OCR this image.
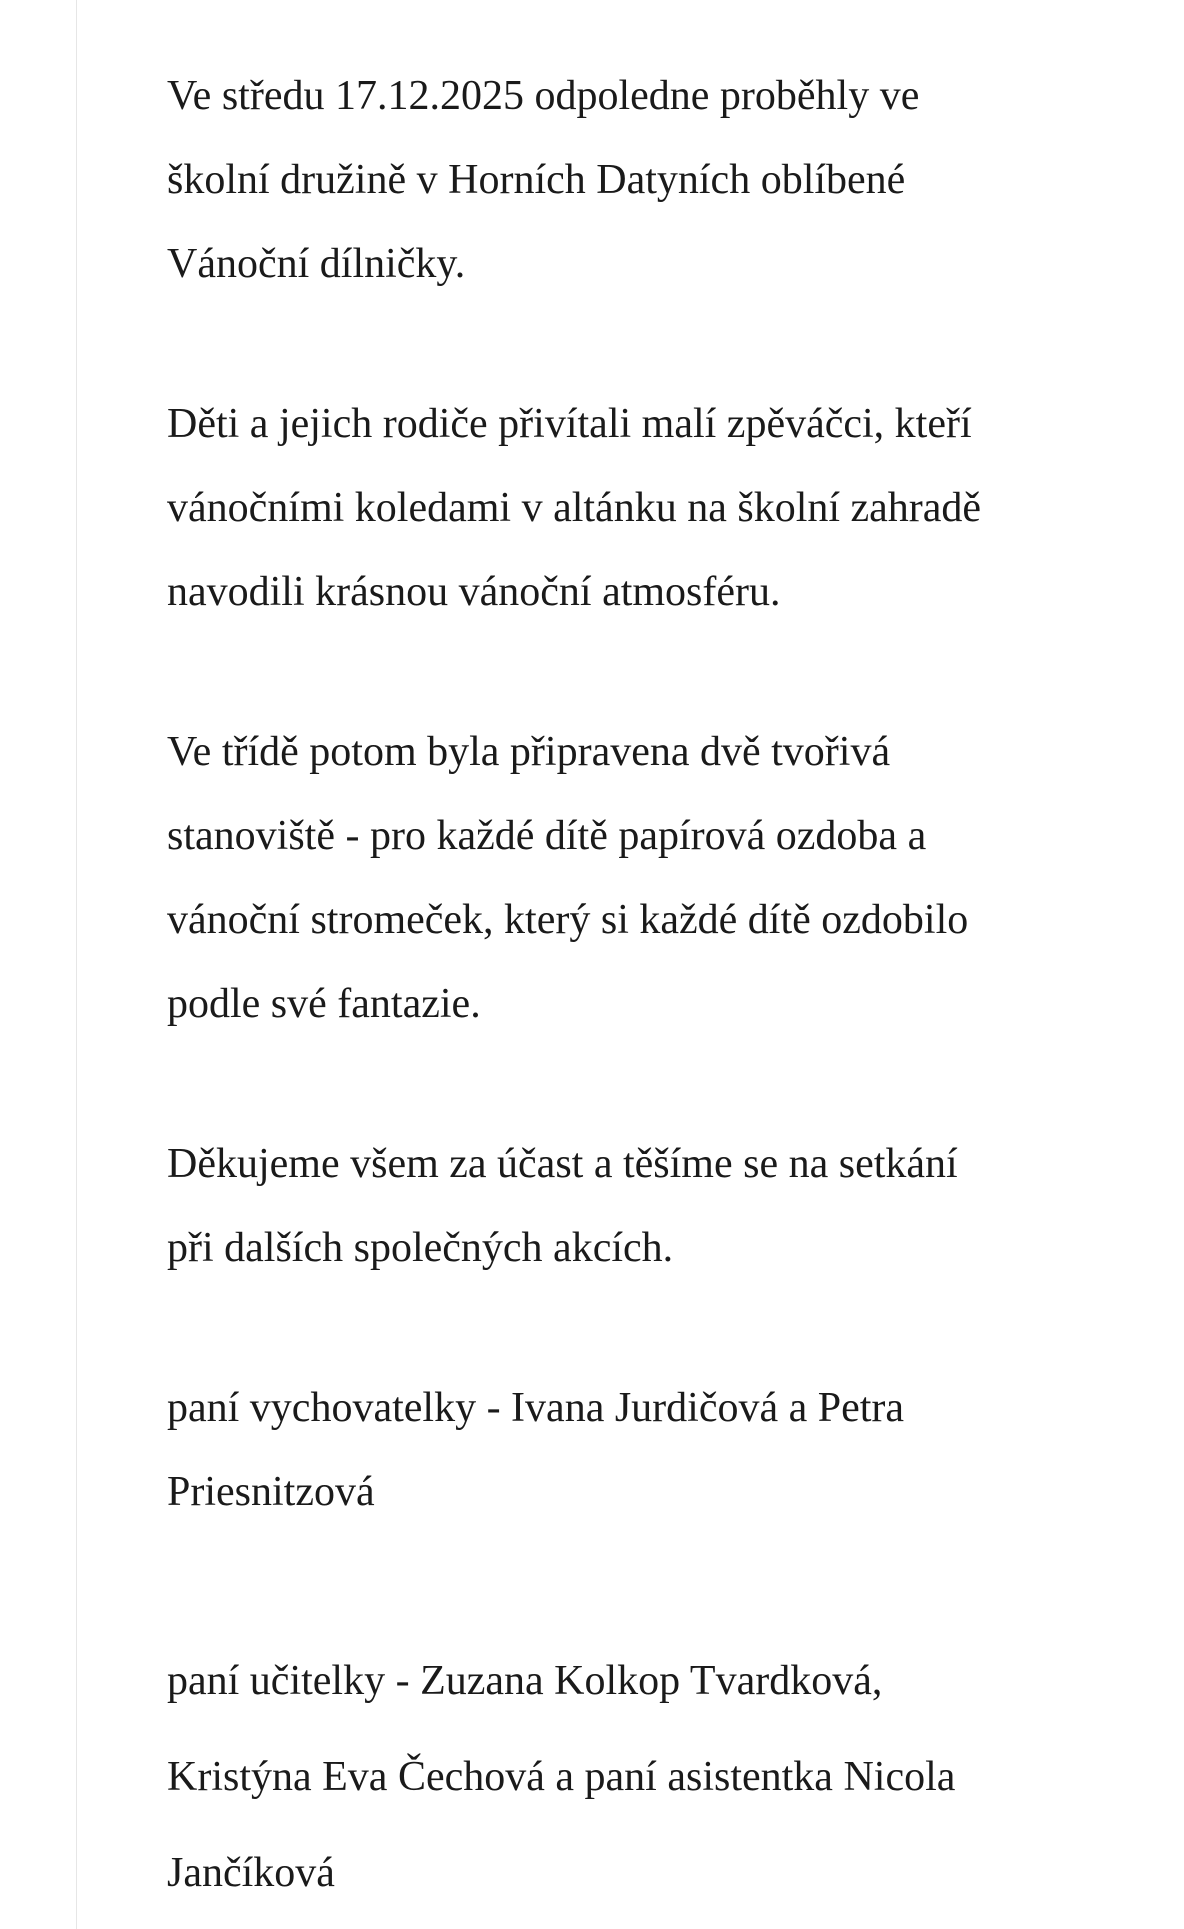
Ve středu 17.12.2025 odpoledne proběhly ve
školní družině v Horních Datyních oblíbené
Vánoční dílničky.

Děti a jejich rodiče přivítali malí zpěváčci, kteří
vánočními koledami v altánku na školní zahradě
navodili krásnou vánoční atmosféru.

Ve třídě potom byla připravena dvě tvořivá
stanoviště - pro každé dítě papírová ozdoba a
vánoční stromeček, který si každé dítě ozdobilo
podle své fantazie.

Děkujeme všem za účast a těšíme se na setkání
při dalších společných akcích.

paní vychovatelky - Ivana Jurdičová a Petra
Priesnitzová

paní učitelky - Zuzana Kolkop Tvardková,
Kristýna Eva Čechová a paní asistentka Nicola
Jančíková
